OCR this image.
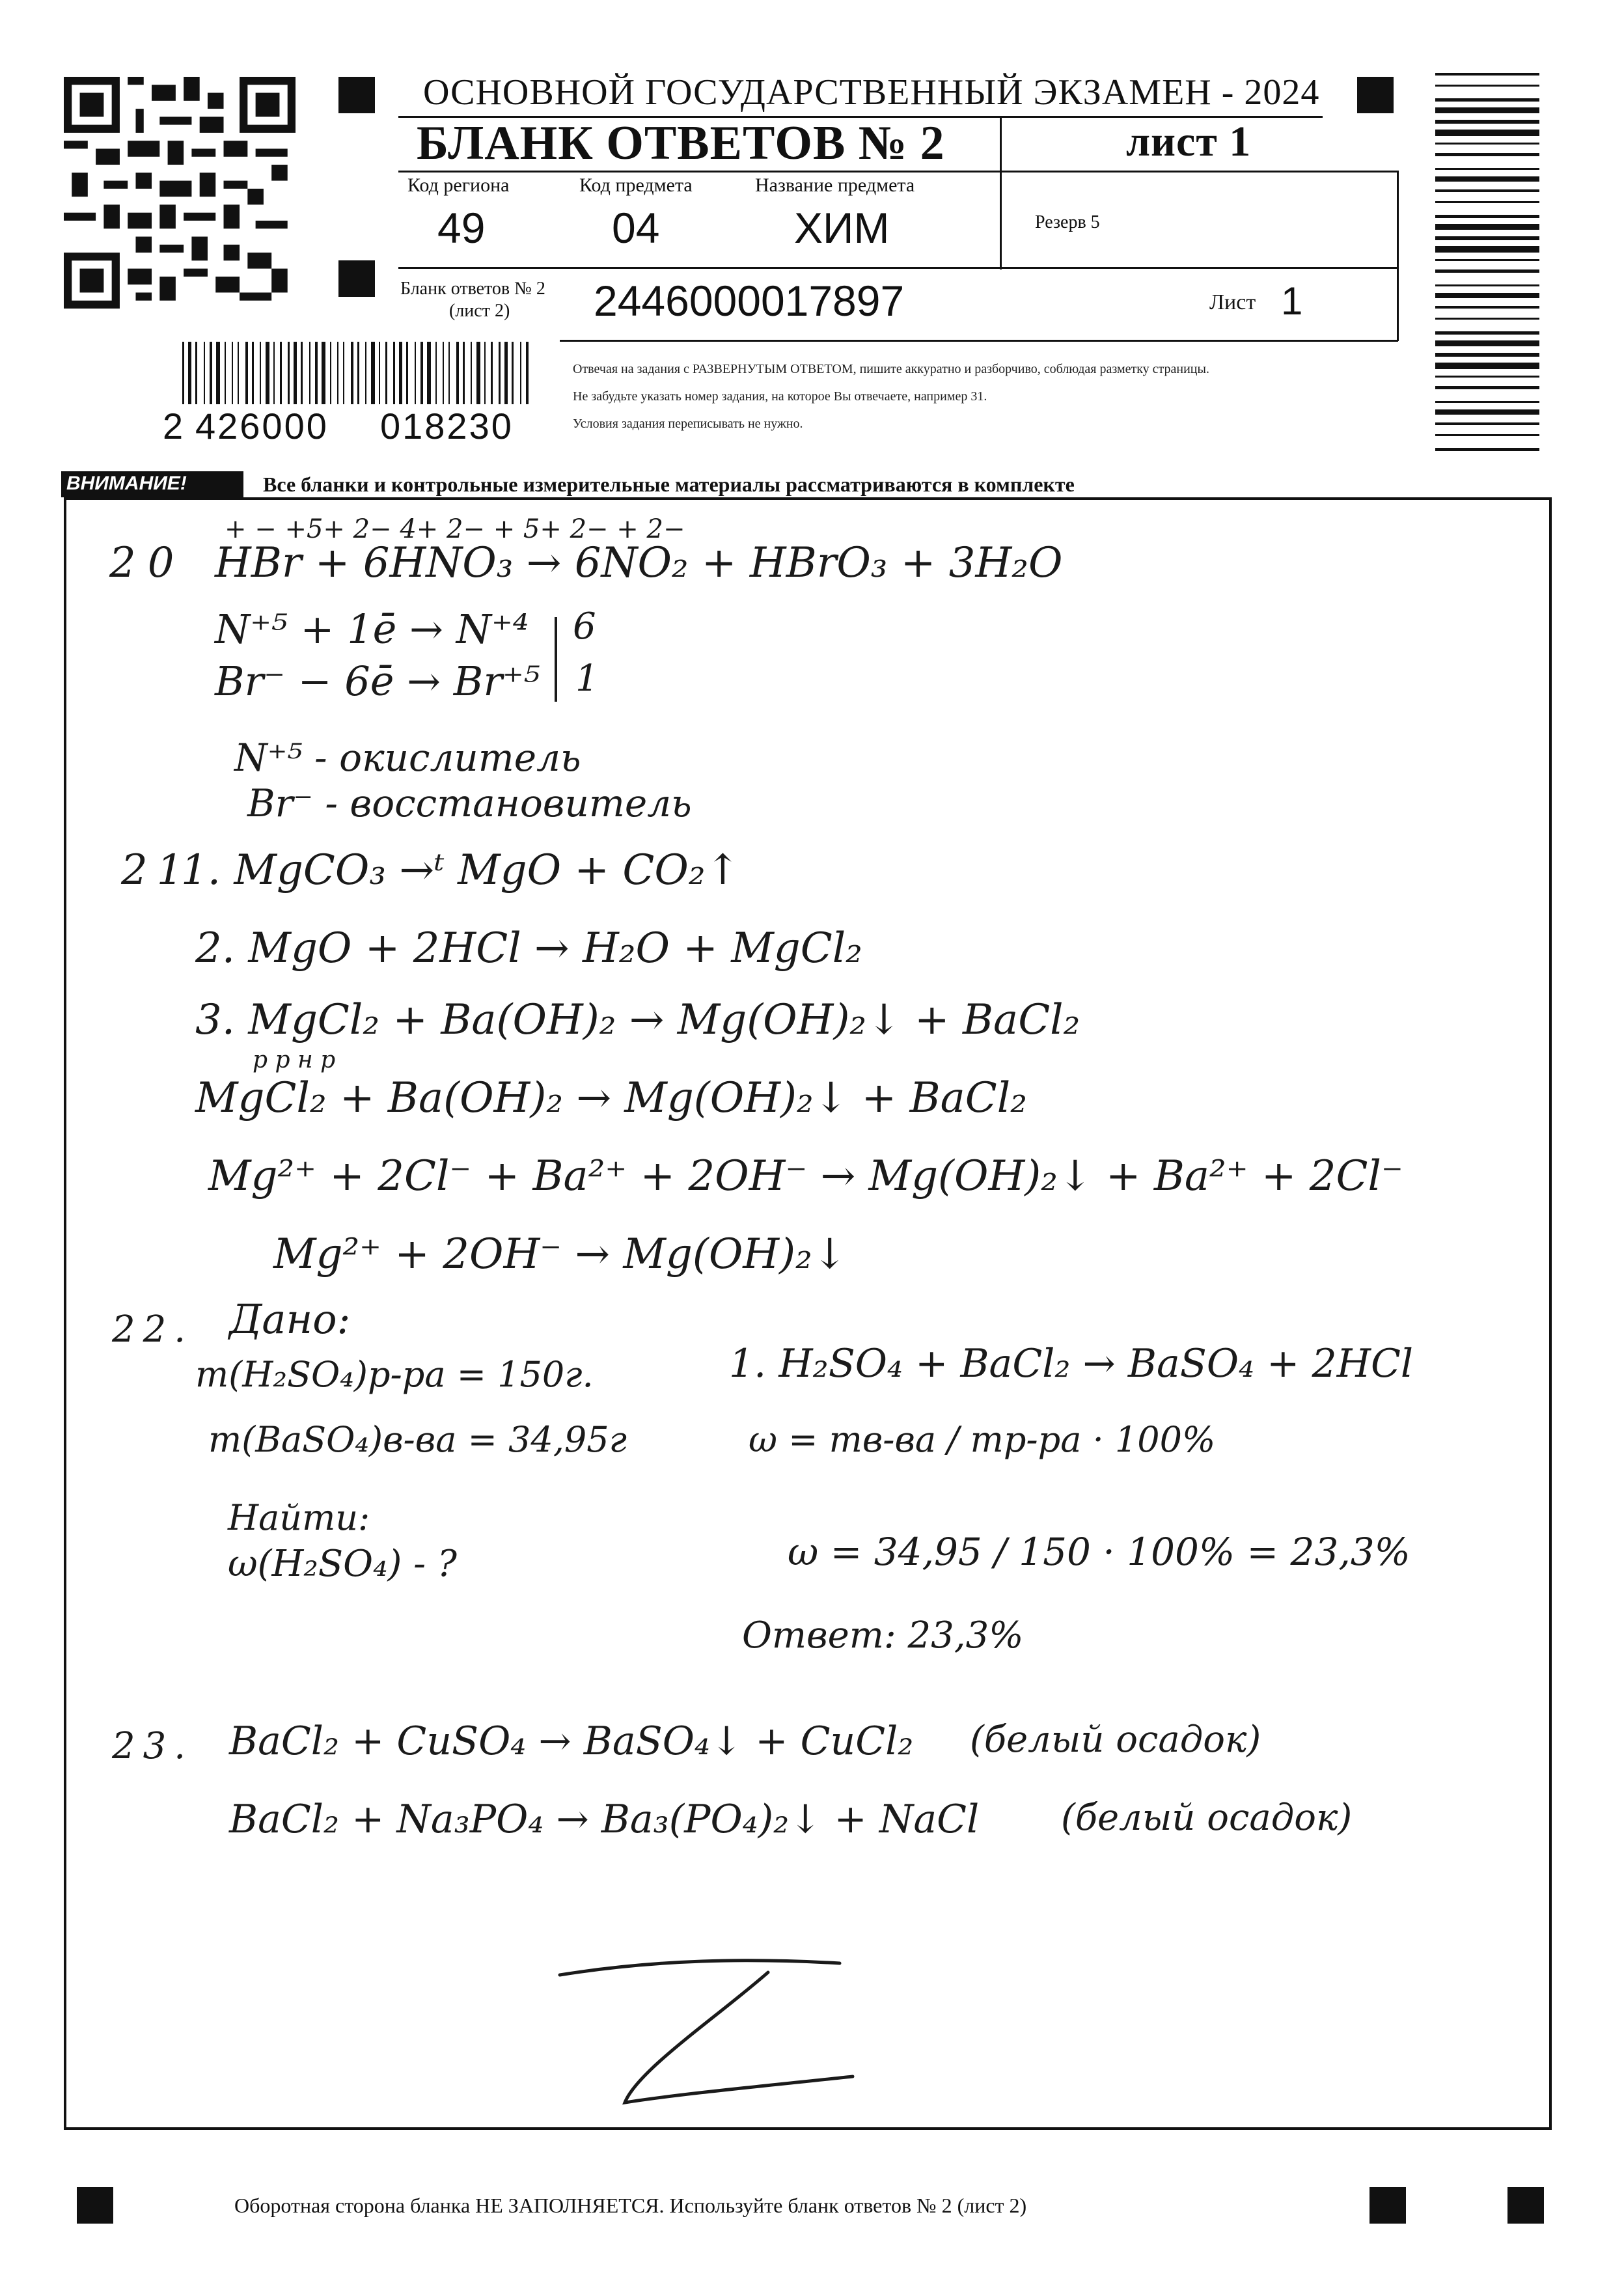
ОСНОВНОЙ ГОСУДАРСТВЕННЫЙ ЭКЗАМЕН - 2024
БЛАНК ОТВЕТОВ № 2	лист 1
Код региона	Код предмета	Название предмета
49	04	ХИМ	Резерв 5
Бланк ответов № 2
(лист 2) 2446000017897	Лист 1
2 426000 018230
Отвечая на задания с РАЗВЕРНУТЫМ ОТВЕТОМ, пишите аккуратно и разборчиво, соблюдая разметку страницы.
Не забудьте указать номер задания, на которое Вы отвечаете, например 31.
Условия задания переписывать не нужно.
ВНИМАНИЕ!	Все бланки и контрольные измерительные материалы рассматриваются в комплекте
+ − +5+ 2− 4+ 2− + 5+ 2− + 2−
20 HBr + 6HNO₃ → 6NO₂ + HBrO₃ + 3H₂O
N⁺⁵ + 1ē → N⁺⁴
Br⁻ − 6ē → Br⁺⁵
6
1
N⁺⁵ - окислитель
Br⁻ - восстановитель
21
1. MgCO₃ →ᵗ MgO + CO₂↑
2. MgO + 2HCl → H₂O + MgCl₂
3. MgCl₂ + Ba(OH)₂ → Mg(OH)₂↓ + BaCl₂
р р н р
MgCl₂ + Ba(OH)₂ → Mg(OH)₂↓ + BaCl₂
Mg²⁺ + 2Cl⁻ + Ba²⁺ + 2OH⁻ → Mg(OH)₂↓ + Ba²⁺ + 2Cl⁻
Mg²⁺ + 2OH⁻ → Mg(OH)₂↓
22. Дано:
m(H₂SO₄)р-ра = 150г.
m(BaSO₄)в-ва = 34,95г
Найти:
ω(H₂SO₄) - ?
1. H₂SO₄ + BaCl₂ → BaSO₄ + 2HCl
ω = mв-ва / mр-ра · 100%
ω = 34,95 / 150 · 100% = 23,3%
Ответ: 23,3%
23. BaCl₂ + CuSO₄ → BaSO₄↓ + CuCl₂ (белый осадок)
BaCl₂ + Na₃PO₄ → Ba₃(PO₄)₂↓ + NaCl (белый осадок)
Оборотная сторона бланка НЕ ЗАПОЛНЯЕТСЯ. Используйте бланк ответов № 2 (лист 2)
